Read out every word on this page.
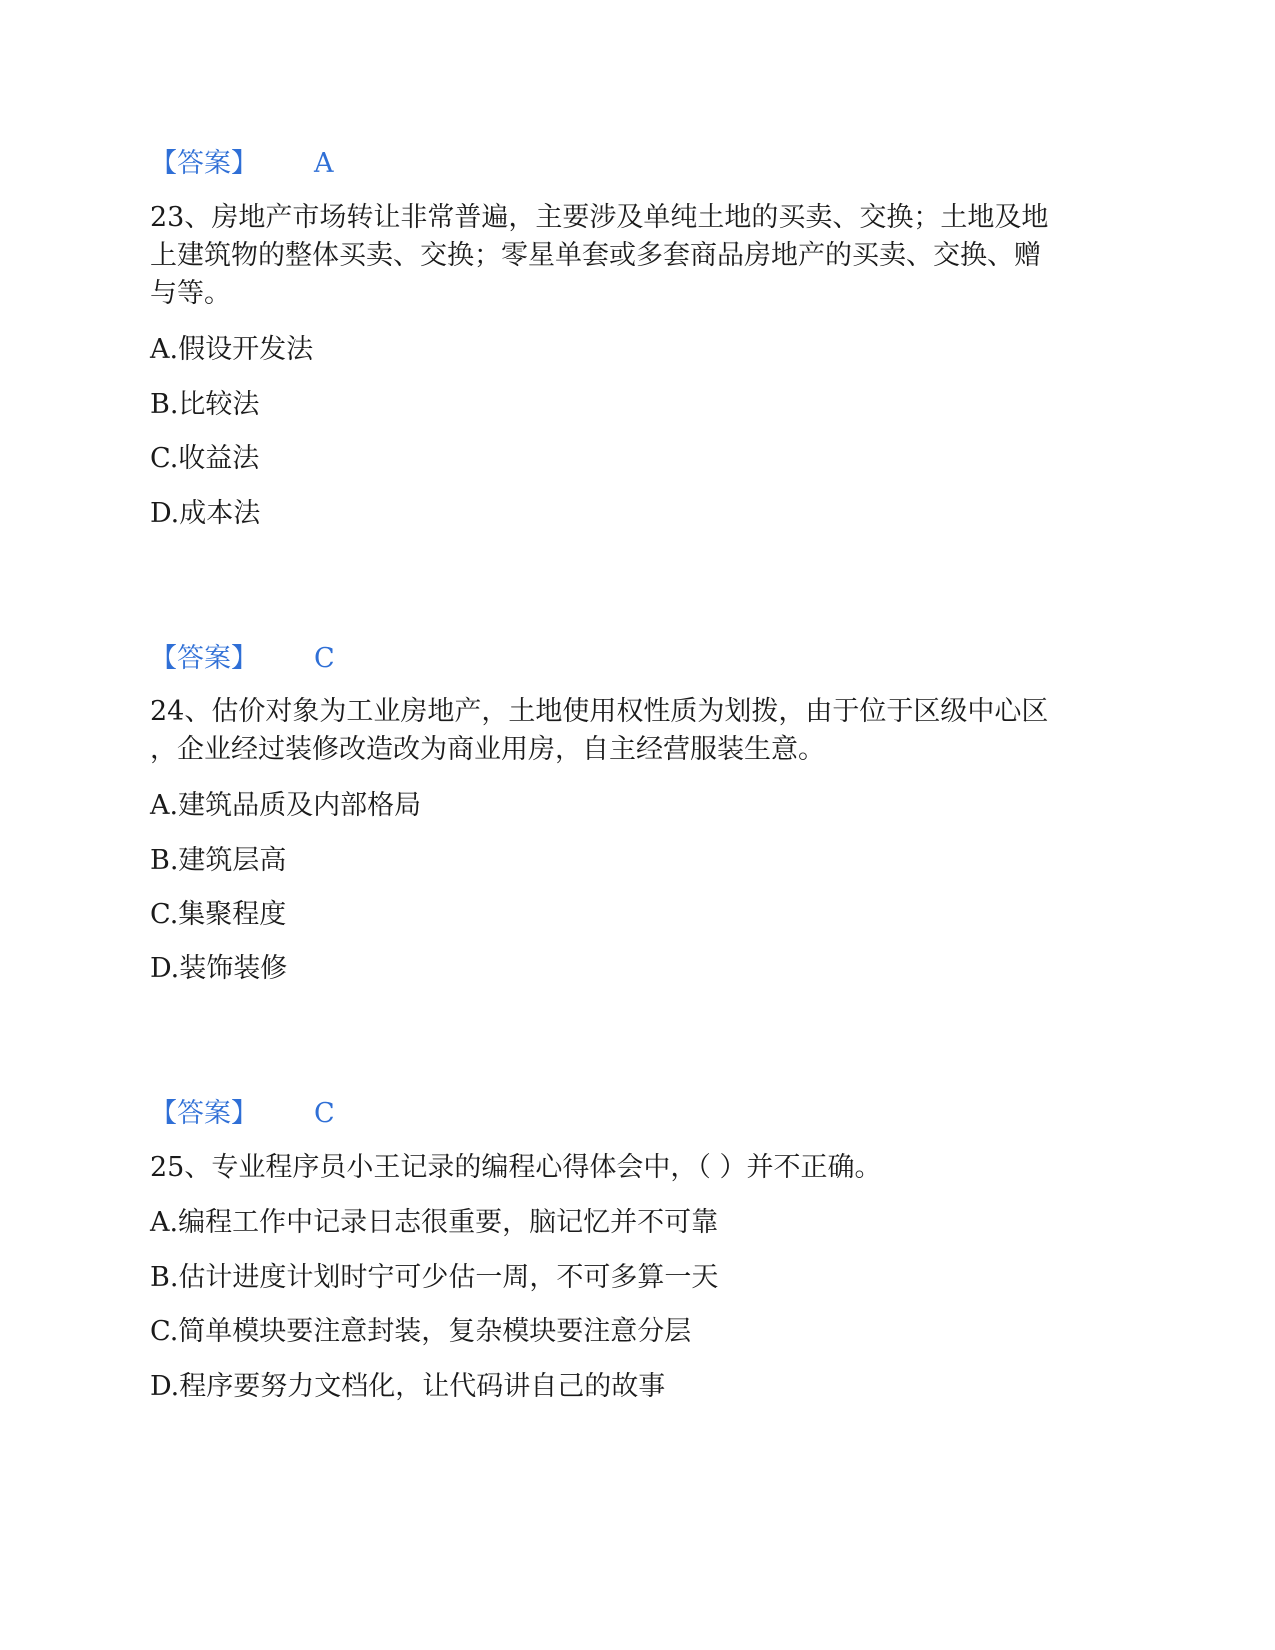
【答案】 A
23、房地产市场转让非常普遍，主要涉及单纯土地的买卖、交换；土地及地
上建筑物的整体买卖、交换；零星单套或多套商品房地产的买卖、交换、赠
与等。
A.假设开发法
B.比较法
C.收益法
D.成本法
【答案】 C
24、估价对象为工业房地产，土地使用权性质为划拨，由于位于区级中心区
，企业经过装修改造改为商业用房，自主经营服装生意。
A.建筑品质及内部格局
B.建筑层高
C.集聚程度
D.装饰装修
【答案】 C
25、专业程序员小王记录的编程心得体会中，（ ）并不正确。
A.编程工作中记录日志很重要，脑记忆并不可靠
B.估计进度计划时宁可少估一周，不可多算一天
C.简单模块要注意封装，复杂模块要注意分层
D.程序要努力文档化，让代码讲自己的故事
